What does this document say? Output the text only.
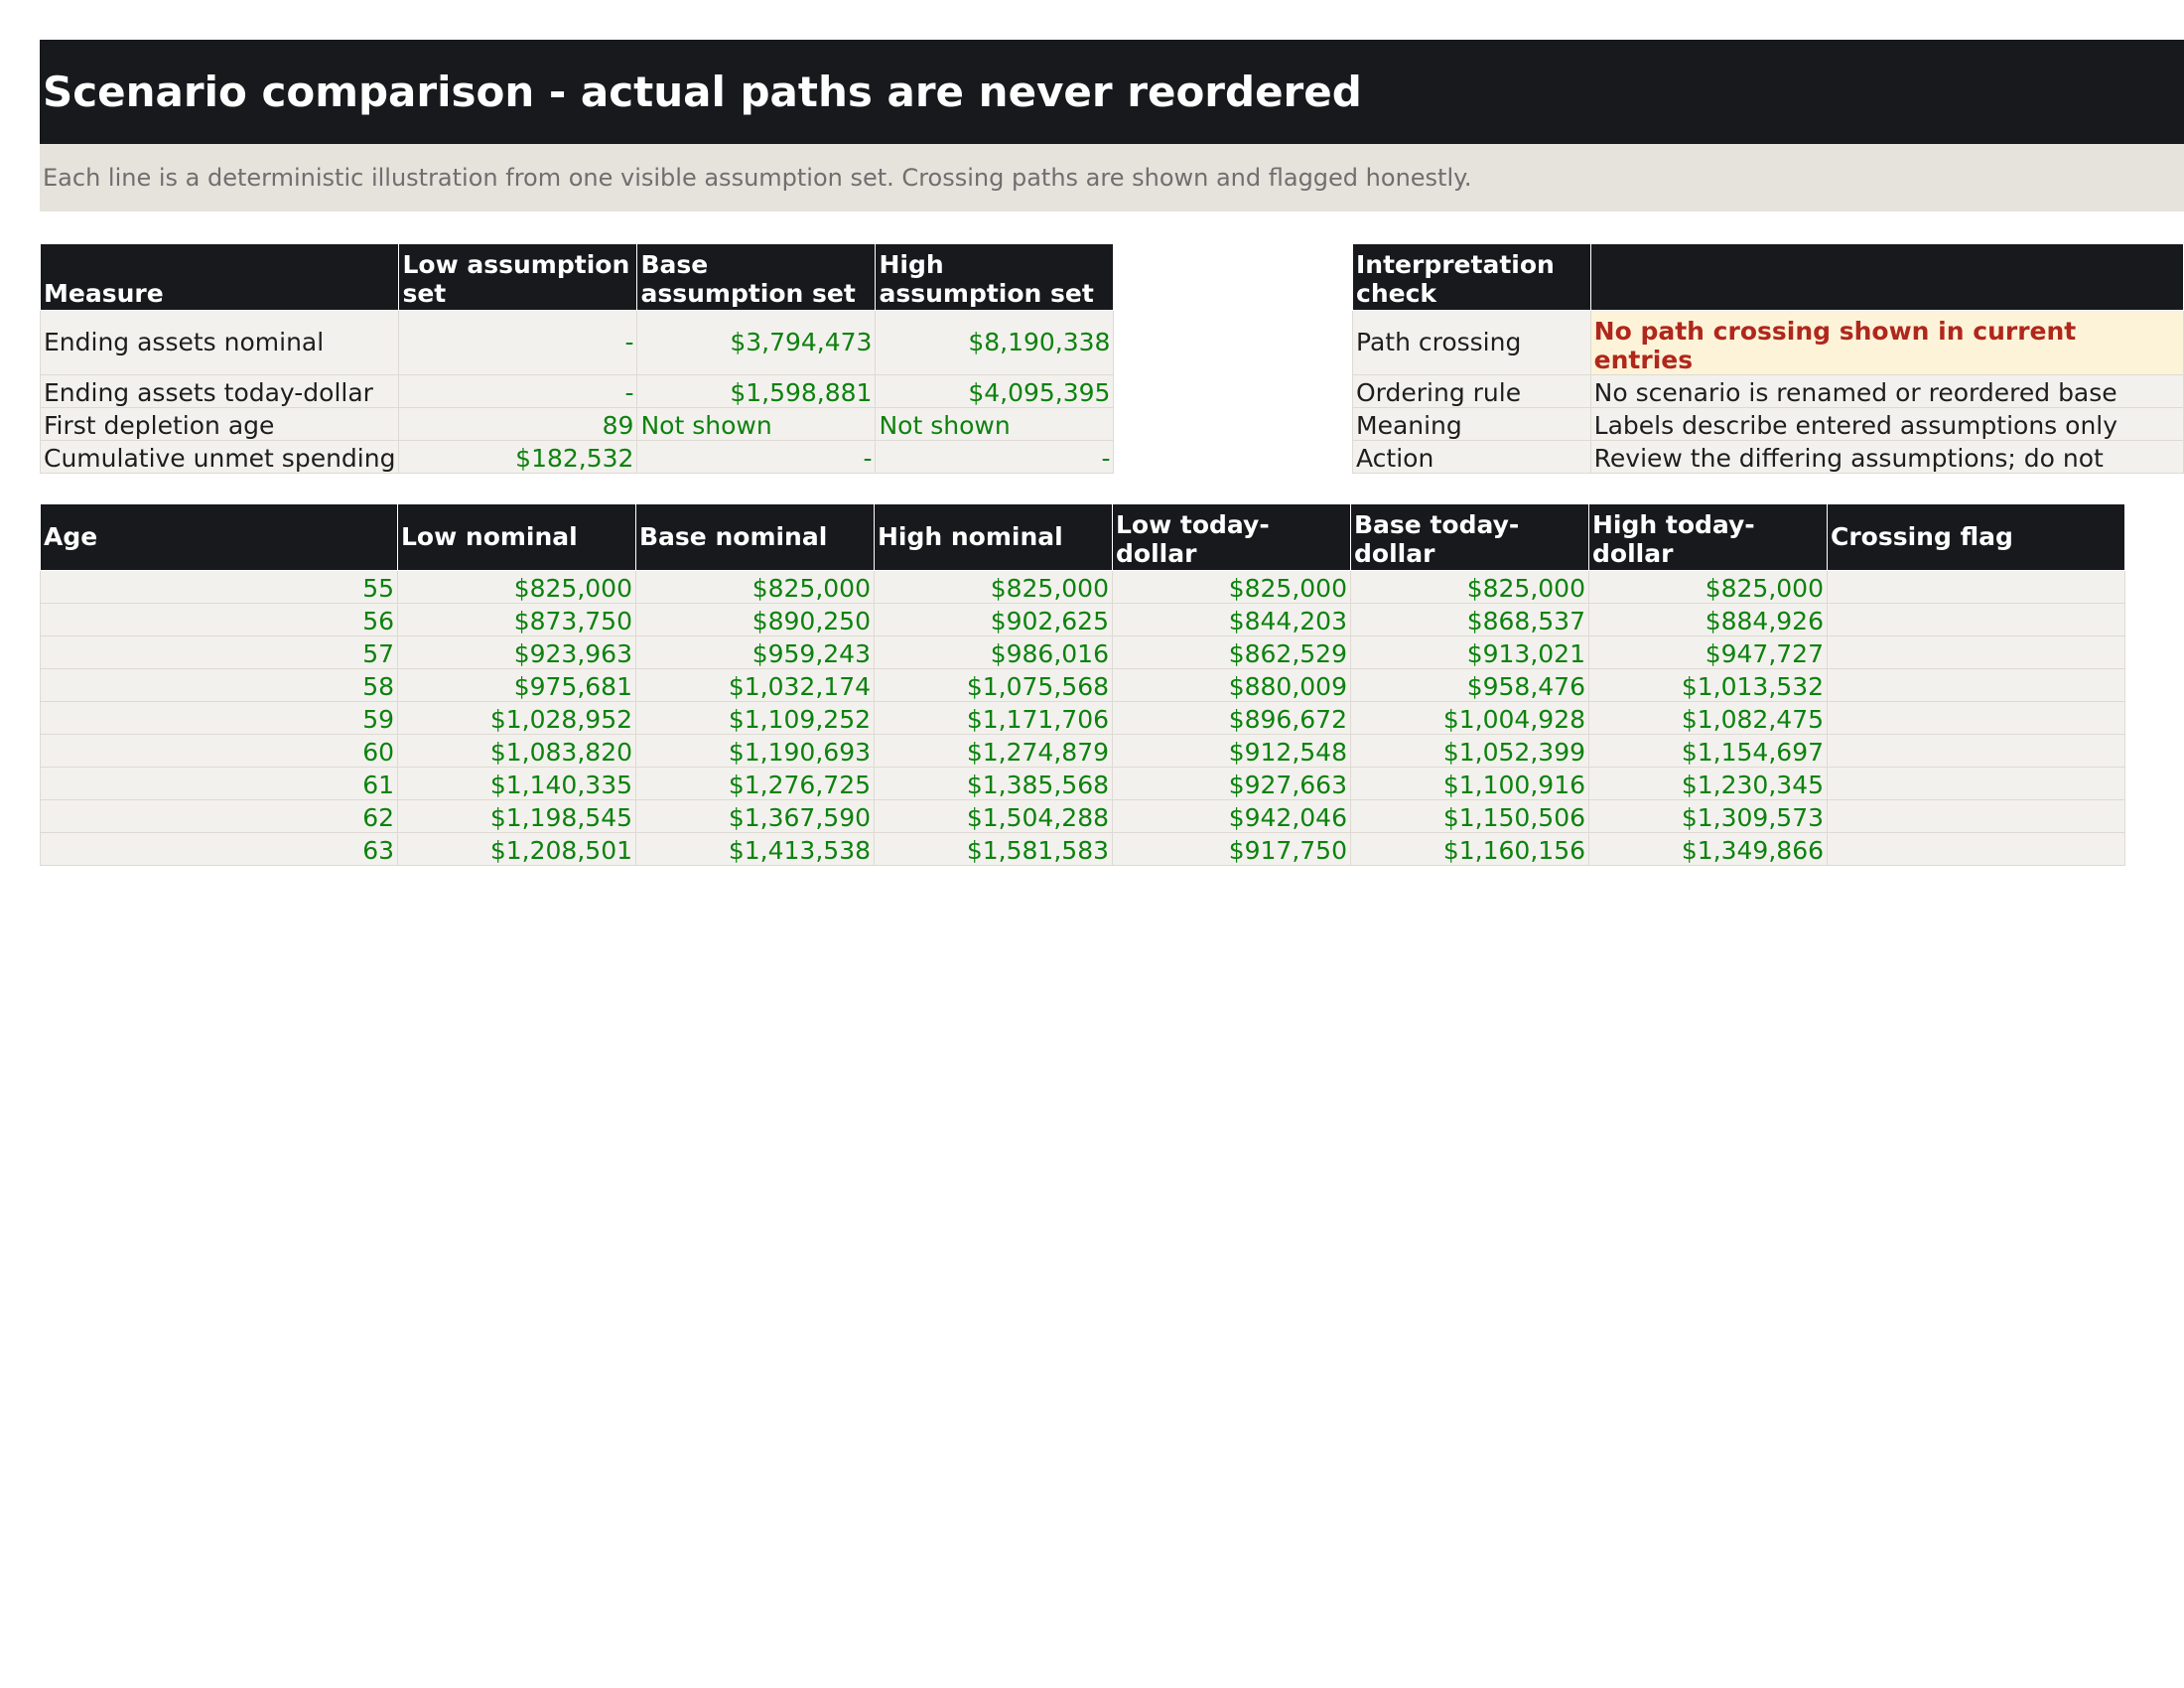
Scenario comparison - actual paths are never reordered
Each line is a deterministic illustration from one visible assumption set. Crossing paths are shown and flagged honestly.
Measure	Low assumption set	Base assumption set	High assumption set
Ending assets nominal	-	$3,794,473	$8,190,338
Ending assets today-dollar	-	$1,598,881	$4,095,395
First depletion age	89	Not shown	Not shown
Cumulative unmet spending	$182,532	-	-
Interpretation check	
Path crossing	No path crossing shown in current entries
Ordering rule	No scenario is renamed or reordered base
Meaning	Labels describe entered assumptions only
Action	Review the differing assumptions; do not
Age	Low nominal	Base nominal	High nominal	Low today-dollar	Base today-dollar	High today-dollar	Crossing flag
55	$825,000	$825,000	$825,000	$825,000	$825,000	$825,000	
56	$873,750	$890,250	$902,625	$844,203	$868,537	$884,926	
57	$923,963	$959,243	$986,016	$862,529	$913,021	$947,727	
58	$975,681	$1,032,174	$1,075,568	$880,009	$958,476	$1,013,532	
59	$1,028,952	$1,109,252	$1,171,706	$896,672	$1,004,928	$1,082,475	
60	$1,083,820	$1,190,693	$1,274,879	$912,548	$1,052,399	$1,154,697	
61	$1,140,335	$1,276,725	$1,385,568	$927,663	$1,100,916	$1,230,345	
62	$1,198,545	$1,367,590	$1,504,288	$942,046	$1,150,506	$1,309,573	
63	$1,208,501	$1,413,538	$1,581,583	$917,750	$1,160,156	$1,349,866	
